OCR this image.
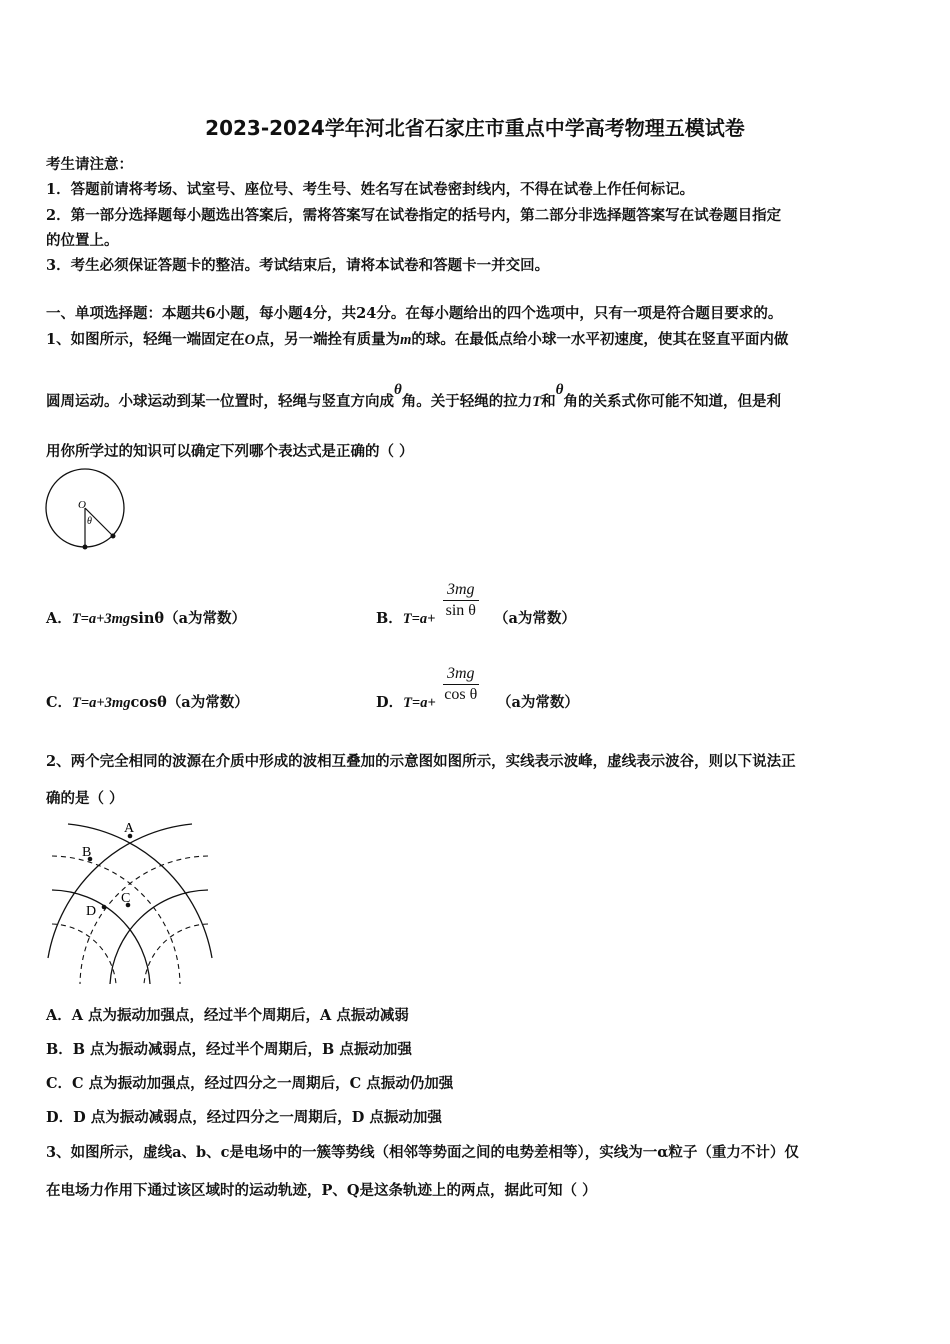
2023-2024学年河北省石家庄市重点中学高考物理五模试卷
考生请注意：
1．答题前请将考场、试室号、座位号、考生号、姓名写在试卷密封线内，不得在试卷上作任何标记。
2．第一部分选择题每小题选出答案后，需将答案写在试卷指定的括号内，第二部分非选择题答案写在试卷题目指定
的位置上。
3．考生必须保证答题卡的整洁。考试结束后，请将本试卷和答题卡一并交回。
一、单项选择题：本题共6小题，每小题4分，共24分。在每小题给出的四个选项中，只有一项是符合题目要求的。
1、如图所示，轻绳一端固定在O点，另一端拴有质量为m的球。在最低点给小球一水平初速度，使其在竖直平面内做
圆周运动。小球运动到某一位置时，轻绳与竖直方向成θ角。关于轻绳的拉力T和θ角的关系式你可能不知道，但是利
用你所学过的知识可以确定下列哪个表达式是正确的（ ）
O
θ
A．T=a+3mgsinθ（a为常数）	B．$T=a+ \frac{3mg}{\text{sin θ}} (a$为常数）
C．T=a+3mgcosθ（a为常数）	D．$T=a+ \frac{3mg}{\text{cos θ}} (a$为常数）
2、两个完全相同的波源在介质中形成的波相互叠加的示意图如图所示，实线表示波峰，虚线表示波谷，则以下说法正
确的是（ ）
A
B
C
D
A．A 点为振动加强点，经过半个周期后，A 点振动减弱
B．B 点为振动减弱点，经过半个周期后，B 点振动加强
C．C 点为振动加强点，经过四分之一周期后，C 点振动仍加强
D．D 点为振动减弱点，经过四分之一周期后，D 点振动加强
3、如图所示，虚线a、b、c是电场中的一簇等势线（相邻等势面之间的电势差相等），实线为一α粒子（重力不计）仅
在电场力作用下通过该区域时的运动轨迹，P、Q是这条轨迹上的两点，据此可知（ ）
